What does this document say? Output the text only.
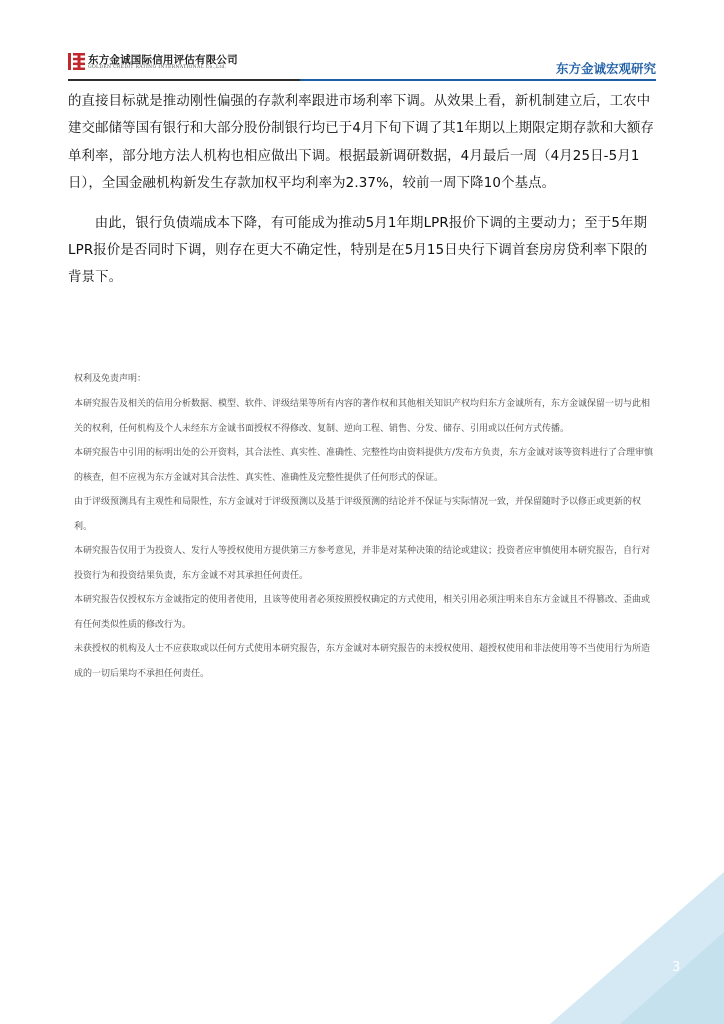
东方金诚国际信用评估有限公司
GOLDEN CREDIT RATING INTERNATIONAL Co.,Ltd.	东方金诚宏观研究

的直接目标就是推动刚性偏强的存款利率跟进市场利率下调。从效果上看，新机制建立后，工农中建交邮储等国有银行和大部分股份制银行均已于4月下旬下调了其1年期以上期限定期存款和大额存单利率，部分地方法人机构也相应做出下调。根据最新调研数据，4月最后一周（4月25日-5月1日），全国金融机构新发生存款加权平均利率为2.37%，较前一周下降10个基点。

由此，银行负债端成本下降，有可能成为推动5月1年期LPR报价下调的主要动力；至于5年期LPR报价是否同时下调，则存在更大不确定性，特别是在5月15日央行下调首套房房贷利率下限的背景下。

权利及免责声明：

本研究报告及相关的信用分析数据、模型、软件、评级结果等所有内容的著作权和其他相关知识产权均归东方金诚所有，东方金诚保留一切与此相关的权利，任何机构及个人未经东方金诚书面授权不得修改、复制、逆向工程、销售、分发、储存、引用或以任何方式传播。

本研究报告中引用的标明出处的公开资料，其合法性、真实性、准确性、完整性均由资料提供方/发布方负责，东方金诚对该等资料进行了合理审慎的核查，但不应视为东方金诚对其合法性、真实性、准确性及完整性提供了任何形式的保证。

由于评级预测具有主观性和局限性，东方金诚对于评级预测以及基于评级预测的结论并不保证与实际情况一致，并保留随时予以修正或更新的权利。

本研究报告仅用于为投资人、发行人等授权使用方提供第三方参考意见，并非是对某种决策的结论或建议；投资者应审慎使用本研究报告，自行对投资行为和投资结果负责，东方金诚不对其承担任何责任。

本研究报告仅授权东方金诚指定的使用者使用，且该等使用者必须按照授权确定的方式使用，相关引用必须注明来自东方金诚且不得篡改、歪曲或有任何类似性质的修改行为。

未获授权的机构及人士不应获取或以任何方式使用本研究报告，东方金诚对本研究报告的未授权使用、超授权使用和非法使用等不当使用行为所造成的一切后果均不承担任何责任。

3
